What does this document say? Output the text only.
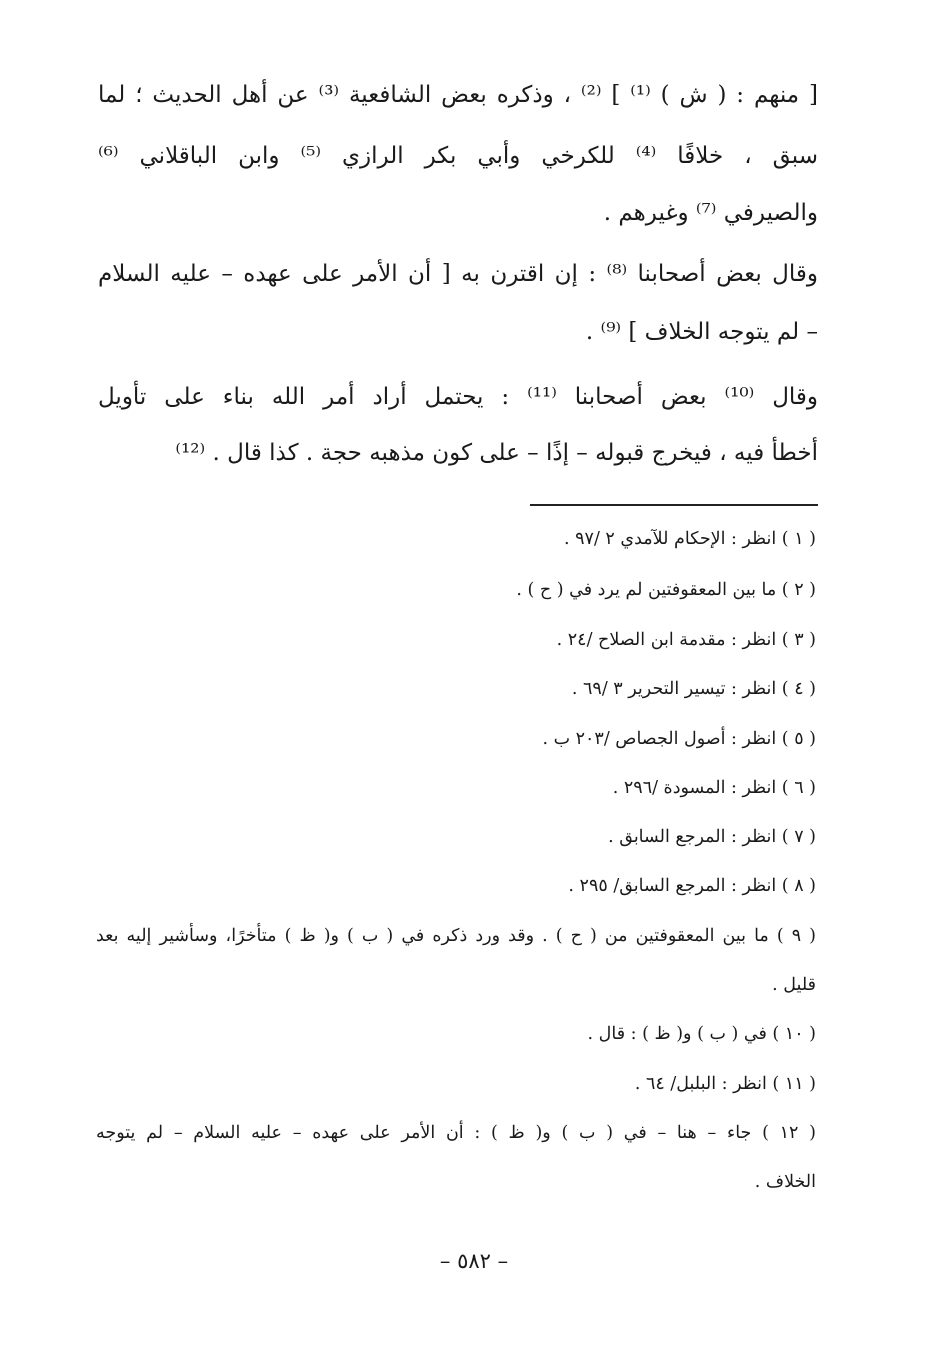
[ منهم : ( ش ) ⁽¹⁾ ] ⁽²⁾ ، وذكره بعض الشافعية ⁽³⁾ عن أهل الحديث ؛ لما
سبق ، خلافًا ⁽⁴⁾ للكرخي وأبي بكر الرازي ⁽⁵⁾ وابن الباقلاني ⁽⁶⁾
والصيرفي ⁽⁷⁾ وغيرهم .
وقال بعض أصحابنا ⁽⁸⁾ : إن اقترن به [ أن الأمر على عهده – عليه السلام
– لم يتوجه الخلاف ] ⁽⁹⁾ .
وقال ⁽¹⁰⁾ بعض أصحابنا ⁽¹¹⁾ : يحتمل أراد أمر الله بناء على تأويل
أخطأ فيه ، فيخرج قبوله – إذًا – على كون مذهبه حجة . كذا قال . ⁽¹²⁾
( ١ ) انظر : الإحكام للآمدي ٢ /٩٧ .
( ٢ ) ما بين المعقوفتين لم يرد في ( ح ) .
( ٣ ) انظر : مقدمة ابن الصلاح /٢٤ .
( ٤ ) انظر : تيسير التحرير ٣ /٦٩ .
( ٥ ) انظر : أصول الجصاص /٢٠٣ ب .
( ٦ ) انظر : المسودة /٢٩٦ .
( ٧ ) انظر : المرجع السابق .
( ٨ ) انظر : المرجع السابق/ ٢٩٥ .
( ٩ ) ما بين المعقوفتين من ( ح ) . وقد ورد ذكره في ( ب ) و( ظ ) متأخرًا، وسأشير إليه بعد
قليل .
( ١٠ ) في ( ب ) و( ظ ) : قال .
( ١١ ) انظر : البلبل/ ٦٤ .
( ١٢ ) جاء – هنا – في ( ب ) و( ظ ) : أن الأمر على عهده – عليه السلام – لم يتوجه
الخلاف .
– ٥٨٢ –
